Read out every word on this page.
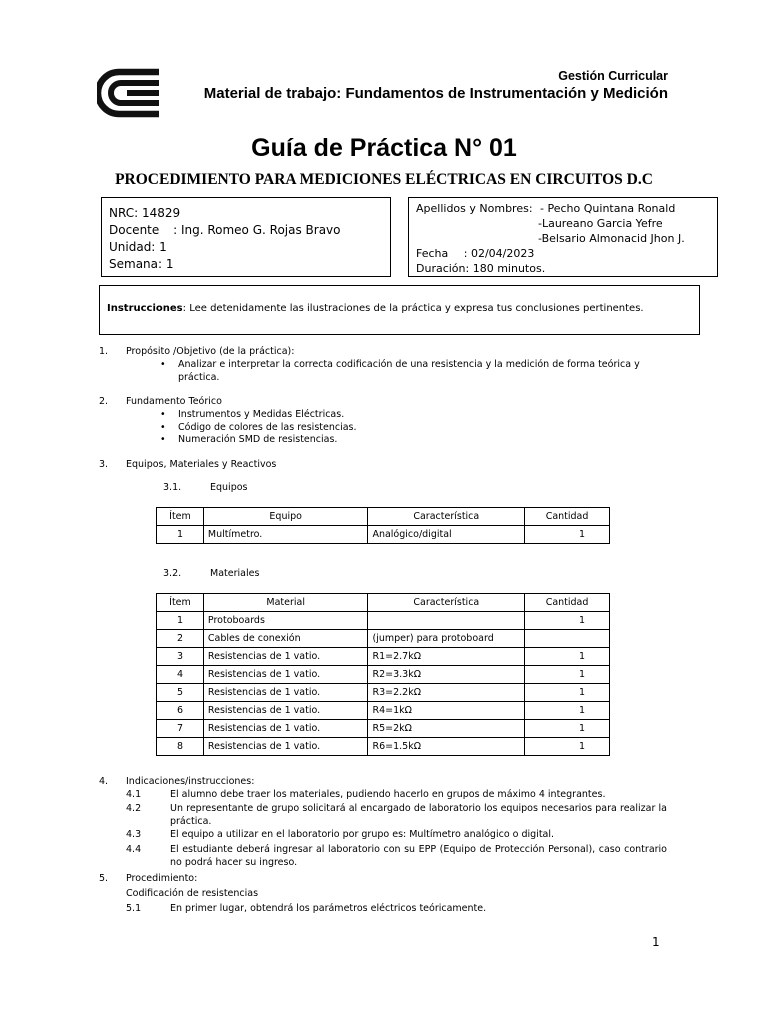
Gestión Curricular
Material de trabajo: Fundamentos de Instrumentación y Medición
Guía de Práctica N° 01
PROCEDIMIENTO PARA MEDICIONES ELÉCTRICAS EN CIRCUITOS D.C
NRC: 14829
Docente : Ing. Romeo G. Rojas Bravo
Unidad: 1
Semana: 1
Apellidos y Nombres: - Pecho Quintana Ronald
-Laureano Garcia Yefre
-Belsario Almonacid Jhon J.
Fecha : 02/04/2023
Duración: 180 minutos.
Instrucciones: Lee detenidamente las ilustraciones de la práctica y expresa tus conclusiones pertinentes.
1. Propósito /Objetivo (de la práctica):
• Analizar e interpretar la correcta codificación de una resistencia y la medición de forma teórica y práctica.
2. Fundamento Teórico
• Instrumentos y Medidas Eléctricas.
• Código de colores de las resistencias.
• Numeración SMD de resistencias.
3. Equipos, Materiales y Reactivos
3.1.	Equipos
Ítem	Equipo	Característica	Cantidad
1	Multímetro.	Analógico/digital	1
3.2.	Materiales
Ítem	Material	Característica	Cantidad
1	Protoboards		1
2	Cables de conexión	(jumper) para protoboard	
3	Resistencias de 1 vatio.	R1=2.7kΩ	1
4	Resistencias de 1 vatio.	R2=3.3kΩ	1
5	Resistencias de 1 vatio.	R3=2.2kΩ	1
6	Resistencias de 1 vatio.	R4=1kΩ	1
7	Resistencias de 1 vatio.	R5=2kΩ	1
8	Resistencias de 1 vatio.	R6=1.5kΩ	1
4. Indicaciones/instrucciones:
4.1	El alumno debe traer los materiales, pudiendo hacerlo en grupos de máximo 4 integrantes.
4.2	Un representante de grupo solicitará al encargado de laboratorio los equipos necesarios para realizar la práctica.
4.3	El equipo a utilizar en el laboratorio por grupo es: Multímetro analógico o digital.
4.4	El estudiante deberá ingresar al laboratorio con su EPP (Equipo de Protección Personal), caso contrario no podrá hacer su ingreso.
5. Procedimiento:
Codificación de resistencias
5.1	En primer lugar, obtendrá los parámetros eléctricos teóricamente.
1
